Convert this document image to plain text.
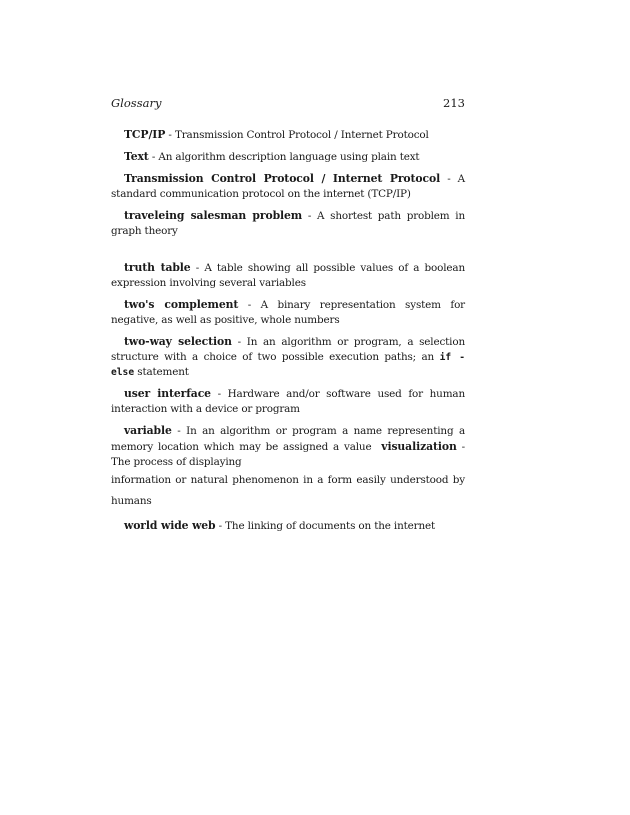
Glossary	213

TCP/IP - Transmission Control Protocol / Internet Protocol

Text - An algorithm description language using plain text

Transmission Control Protocol / Internet Protocol - A standard communication protocol on the internet (TCP/IP)

traveleing salesman problem - A shortest path problem in graph theory

truth table - A table showing all possible values of a boolean expression involving several variables

two's complement - A binary representation system for negative, as well as positive, whole numbers

two-way selection - In an algorithm or program, a selection structure with a choice of two possible execution paths; an if - else statement

user interface - Hardware and/or software used for human interaction with a device or program

variable - In an algorithm or program a name representing a memory location which may be assigned a value visualization - The process of displaying
information or natural phenomenon in a form easily understood by humans

world wide web - The linking of documents on the internet
